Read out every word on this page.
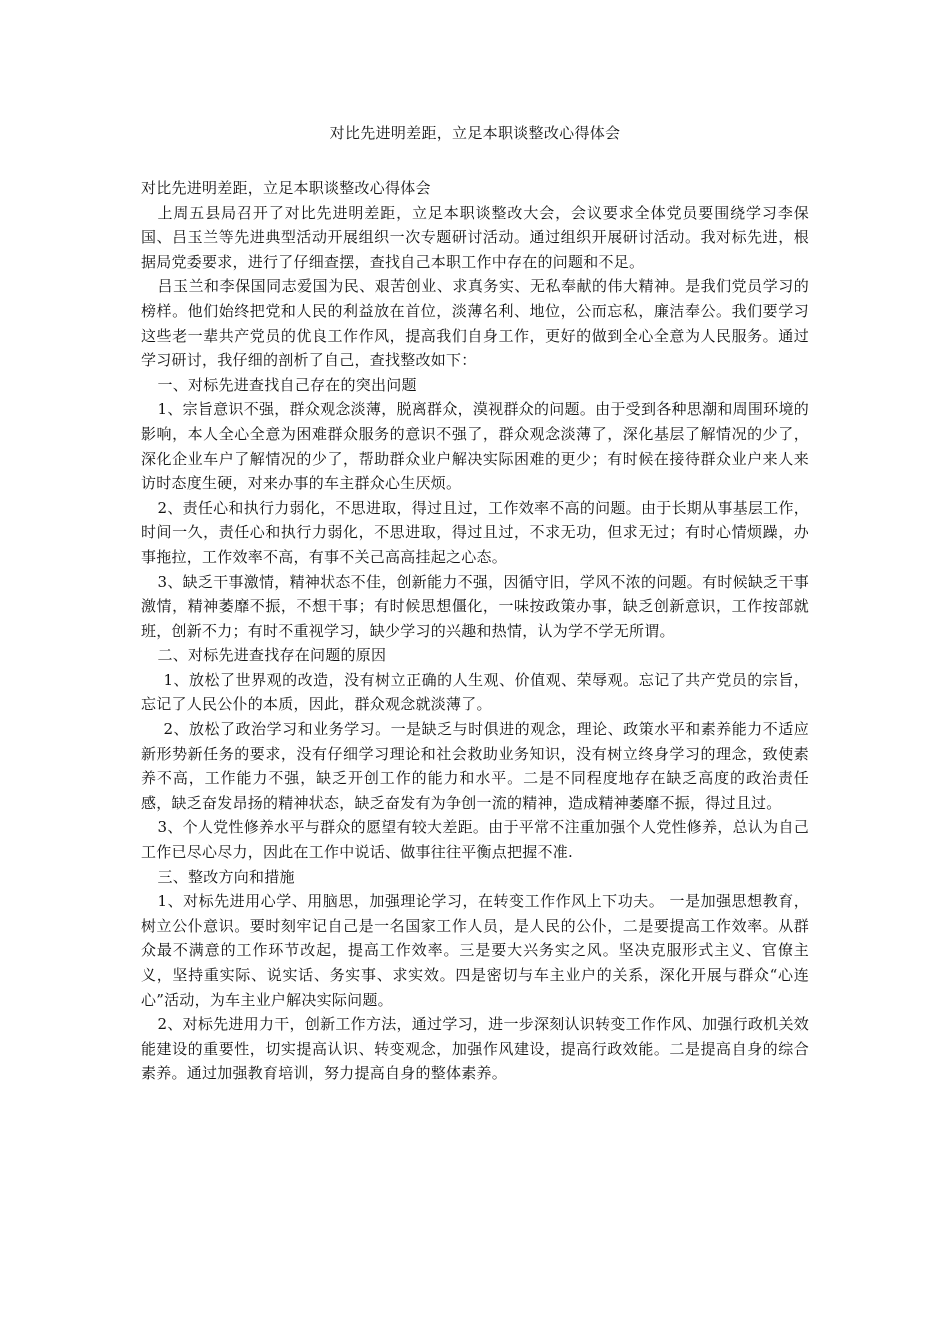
对比先进明差距，立足本职谈整改心得体会

对比先进明差距，立足本职谈整改心得体会

上周五县局召开了对比先进明差距，立足本职谈整改大会，会议要求全体党员要围绕学习李保国、吕玉兰等先进典型活动开展组织一次专题研讨活动。通过组织开展研讨活动。我对标先进，根据局党委要求，进行了仔细查摆，查找自己本职工作中存在的问题和不足。

吕玉兰和李保国同志爱国为民、艰苦创业、求真务实、无私奉献的伟大精神。是我们党员学习的榜样。他们始终把党和人民的利益放在首位，淡薄名利、地位，公而忘私，廉洁奉公。我们要学习这些老一辈共产党员的优良工作作风，提高我们自身工作，更好的做到全心全意为人民服务。通过学习研讨，我仔细的剖析了自己，查找整改如下：

一、对标先进查找自己存在的突出问题

1、宗旨意识不强，群众观念淡薄，脱离群众，漠视群众的问题。由于受到各种思潮和周围环境的影响，本人全心全意为困难群众服务的意识不强了，群众观念淡薄了，深化基层了解情况的少了，深化企业车户了解情况的少了，帮助群众业户解决实际困难的更少；有时候在接待群众业户来人来访时态度生硬，对来办事的车主群众心生厌烦。

2、责任心和执行力弱化，不思进取，得过且过，工作效率不高的问题。由于长期从事基层工作，时间一久，责任心和执行力弱化，不思进取，得过且过，不求无功，但求无过；有时心情烦躁，办事拖拉，工作效率不高，有事不关己高高挂起之心态。

3、缺乏干事激情，精神状态不佳，创新能力不强，因循守旧，学风不浓的问题。有时候缺乏干事激情，精神萎靡不振，不想干事；有时候思想僵化，一味按政策办事，缺乏创新意识，工作按部就班，创新不力；有时不重视学习，缺少学习的兴趣和热情，认为学不学无所谓。

二、对标先进查找存在问题的原因

1、放松了世界观的改造，没有树立正确的人生观、价值观、荣辱观。忘记了共产党员的宗旨，忘记了人民公仆的本质，因此，群众观念就淡薄了。

2、放松了政治学习和业务学习。一是缺乏与时俱进的观念，理论、政策水平和素养能力不适应新形势新任务的要求，没有仔细学习理论和社会救助业务知识，没有树立终身学习的理念，致使素养不高，工作能力不强，缺乏开创工作的能力和水平。二是不同程度地存在缺乏高度的政治责任感，缺乏奋发昂扬的精神状态，缺乏奋发有为争创一流的精神，造成精神萎靡不振，得过且过。

3、个人党性修养水平与群众的愿望有较大差距。由于平常不注重加强个人党性修养，总认为自己工作已尽心尽力，因此在工作中说话、做事往往平衡点把握不准.

三、整改方向和措施

1、对标先进用心学、用脑思，加强理论学习，在转变工作作风上下功夫。 一是加强思想教育，树立公仆意识。要时刻牢记自己是一名国家工作人员，是人民的公仆，二是要提高工作效率。从群众最不满意的工作环节改起，提高工作效率。三是要大兴务实之风。坚决克服形式主义、官僚主义，坚持重实际、说实话、务实事、求实效。四是密切与车主业户的关系，深化开展与群众“心连心”活动，为车主业户解决实际问题。

2、对标先进用力干，创新工作方法，通过学习，进一步深刻认识转变工作作风、加强行政机关效能建设的重要性，切实提高认识、转变观念，加强作风建设，提高行政效能。二是提高自身的综合素养。通过加强教育培训，努力提高自身的整体素养。
